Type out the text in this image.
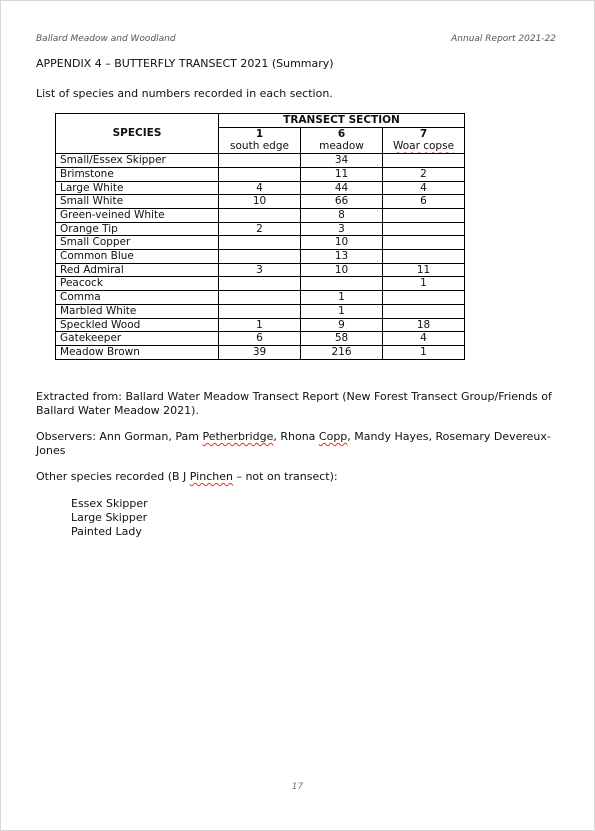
Ballard Meadow and Woodland	Annual Report 2021-22
APPENDIX 4 – BUTTERFLY TRANSECT 2021 (Summary)
List of species and numbers recorded in each section.
SPECIES	TRANSECT SECTION		
	1	6	7
	south edge	meadow	Woar copse
Small/Essex Skipper		34	
Brimstone		11	2
Large White	4	44	4
Small White	10	66	6
Green-veined White		8	
Orange Tip	2	3	
Small Copper		10	
Common Blue		13	
Red Admiral	3	10	11
Peacock			1
Comma		1	
Marbled White		1	
Speckled Wood	1	9	18
Gatekeeper	6	58	4
Meadow Brown	39	216	1
Extracted from: Ballard Water Meadow Transect Report (New Forest Transect Group/Friends of Ballard Water Meadow 2021).
Observers: Ann Gorman, Pam Petherbridge, Rhona Copp, Mandy Hayes, Rosemary Devereux-Jones
Other species recorded (B J Pinchen – not on transect):
Essex Skipper
Large Skipper
Painted Lady
17
